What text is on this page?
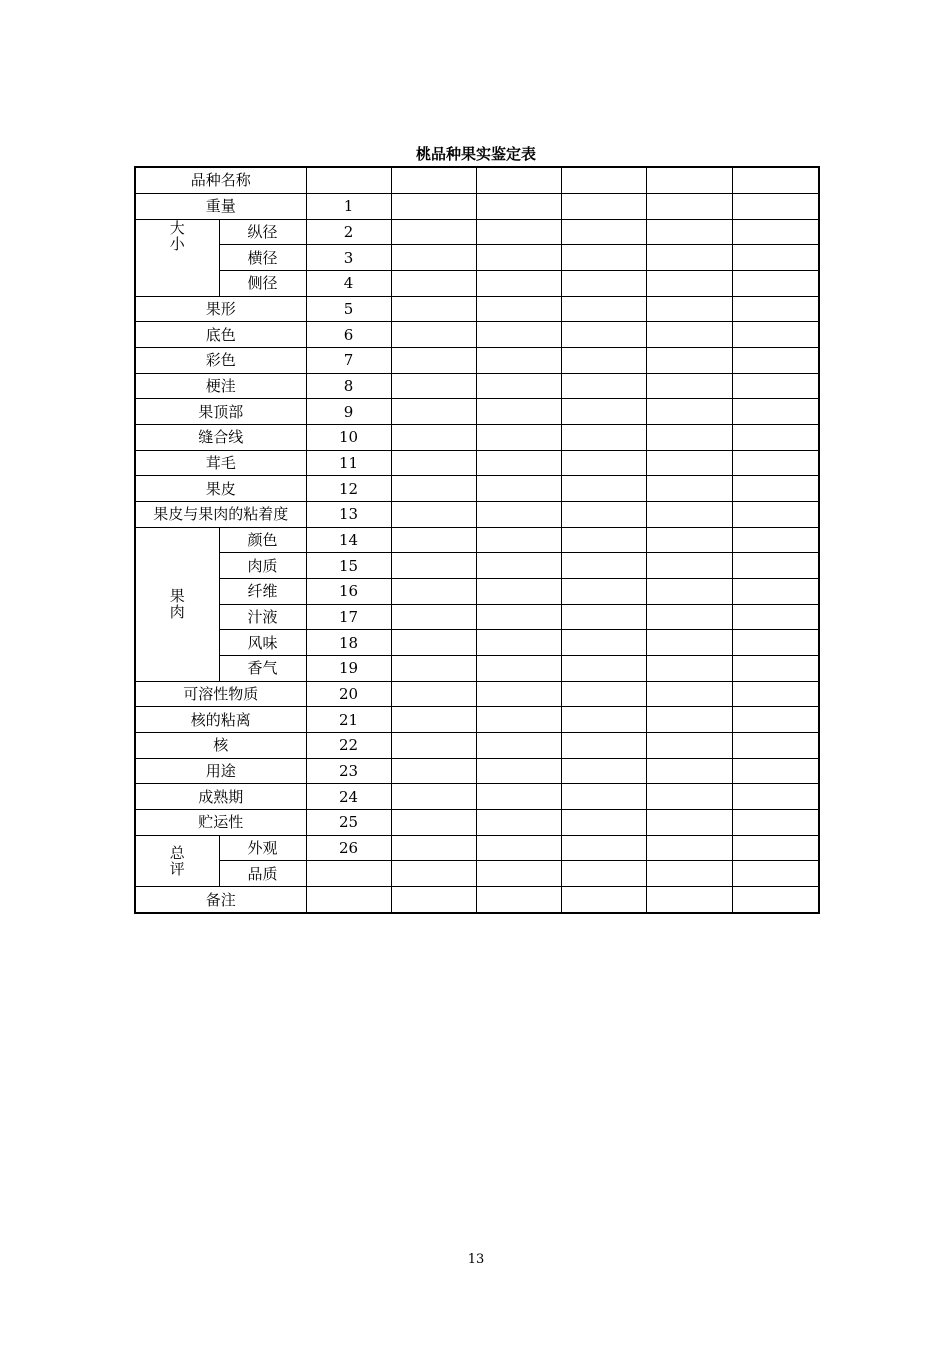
桃品种果实鉴定表
品种名称							
重量		1					

大
小	纵径	2					
	横径	3					
	侧径	4					
果形		5					
底色		6					
彩色		7					
梗洼		8					
果顶部		9					
缝合线		10					
茸毛		11					
果皮		12					
果皮与果肉的粘着度		13					

果
肉	颜色	14					
	肉质	15					
	纤维	16					
	汁液	17					
	风味	18					
	香气	19					
可溶性物质		20					
核的粘离		21					
核		22					
用途		23					
成熟期		24					
贮运性		25					

总
评	外观	26					
	品质						
备注							
13
